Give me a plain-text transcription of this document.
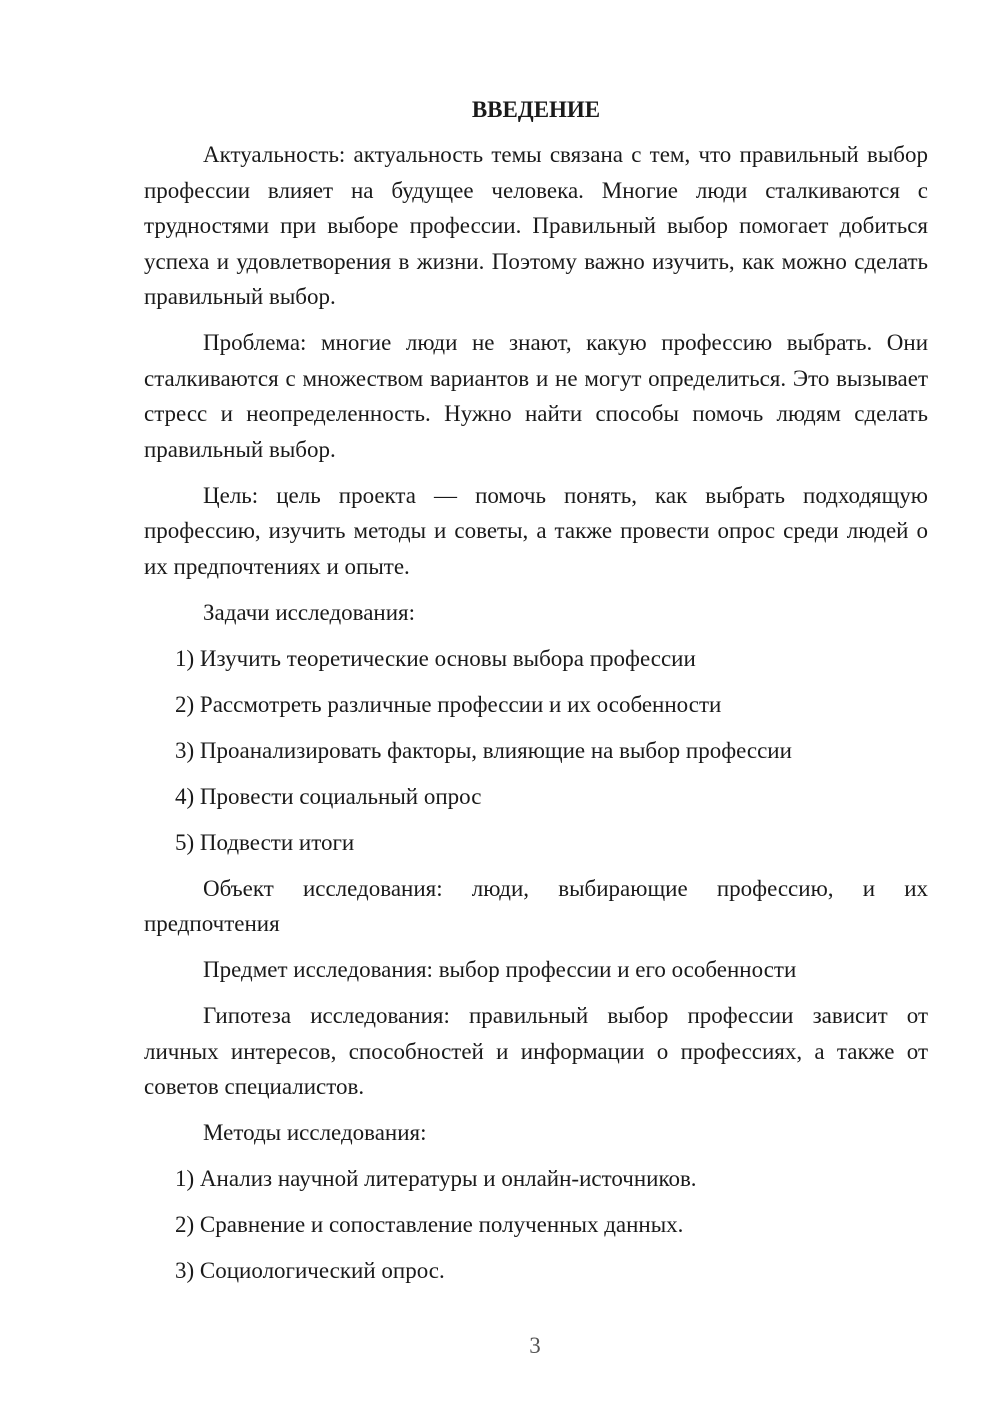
ВВЕДЕНИЕ

Актуальность: актуальность темы связана с тем, что правильный выбор профессии влияет на будущее человека. Многие люди сталкиваются с трудностями при выборе профессии. Правильный выбор помогает добиться успеха и удовлетворения в жизни. Поэтому важно изучить, как можно сделать правильный выбор.

Проблема: многие люди не знают, какую профессию выбрать. Они сталкиваются с множеством вариантов и не могут определиться. Это вызывает стресс и неопределенность. Нужно найти способы помочь людям сделать правильный выбор.

Цель: цель проекта — помочь понять, как выбрать подходящую профессию, изучить методы и советы, а также провести опрос среди людей о их предпочтениях и опыте.

Задачи исследования:

1) Изучить теоретические основы выбора профессии
2) Рассмотреть различные профессии и их особенности
3) Проанализировать факторы, влияющие на выбор профессии
4) Провести социальный опрос
5) Подвести итоги

Объект исследования: люди, выбирающие профессию, и их предпочтения

Предмет исследования: выбор профессии и его особенности

Гипотеза исследования: правильный выбор профессии зависит от личных интересов, способностей и информации о профессиях, а также от советов специалистов.

Методы исследования:

1) Анализ научной литературы и онлайн-источников.
2) Сравнение и сопоставление полученных данных.
3) Социологический опрос.
3
